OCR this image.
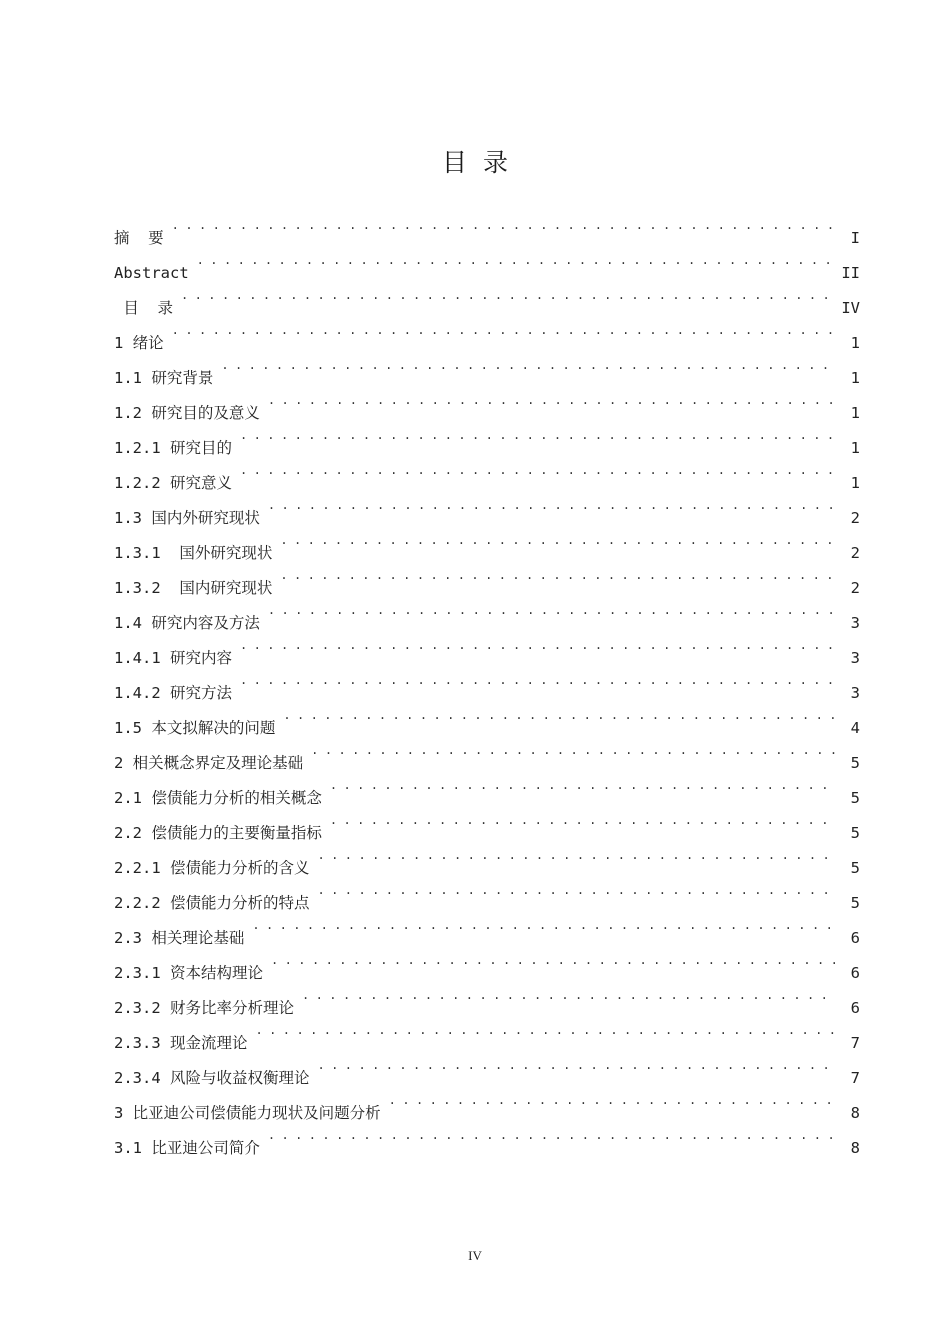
目  录
摘  要 . . .	I
Abstract . . .	II
目  录 . . .	IV
1 绪论 . . .	1
1.1 研究背景 . . .	1
1.2 研究目的及意义 . . .	1
1.2.1 研究目的 . . .	1
1.2.2 研究意义 . . .	1
1.3 国内外研究现状 . . .	2
1.3.1  国外研究现状 . . .	2
1.3.2  国内研究现状 . . .	2
1.4 研究内容及方法 . . .	3
1.4.1 研究内容 . . .	3
1.4.2 研究方法 . . .	3
1.5 本文拟解决的问题 . . .	4
2 相关概念界定及理论基础 . . .	5
2.1 偿债能力分析的相关概念 . . .	5
2.2 偿债能力的主要衡量指标 . . .	5
2.2.1 偿债能力分析的含义 . . .	5
2.2.2 偿债能力分析的特点 . . .	5
2.3 相关理论基础 . . .	6
2.3.1 资本结构理论 . . .	6
2.3.2 财务比率分析理论 . . .	6
2.3.3 现金流理论 . . .	7
2.3.4 风险与收益权衡理论 . . .	7
3 比亚迪公司偿债能力现状及问题分析 . . .	8
3.1 比亚迪公司简介 . . .	8
IV
